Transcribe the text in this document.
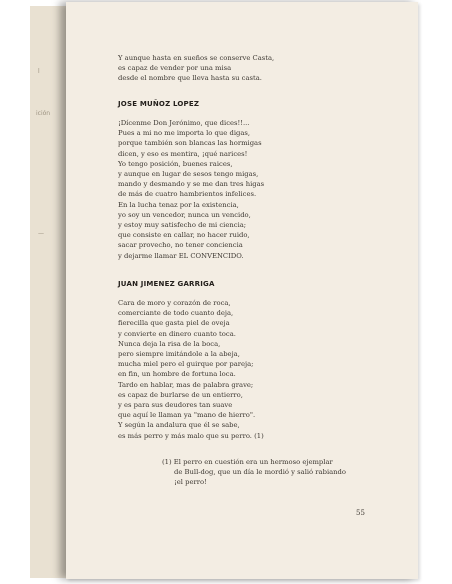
l
ición
—
Y aunque hasta en sueños se conserve Casta,
es capaz de vender por una misa
desde el nombre que lleva hasta su casta.
JOSE MUÑOZ LOPEZ
¡Dícenme Don Jerónimo, que dices!!...
Pues a mi no me importa lo que digas,
porque también son blancas las hormigas
dicen, y eso es mentira, ¡qué narices!
Yo tengo posición, buenes raices,
y aunque en lugar de sesos tengo migas,
mando y desmando y se me dan tres higas
de más de cuatro hambrientos infelices.
En la lucha tenaz por la existencia,
yo soy un vencedor, nunca un vencido,
y estoy muy satisfecho de mi ciencia;
que consiste en callar, no hacer ruido,
sacar provecho, no tener conciencia
y dejarme llamar EL CONVENCIDO.
JUAN JIMENEZ GARRIGA
Cara de moro y corazón de roca,
comerciante de todo cuanto deja,
fierecilla que gasta piel de oveja
y convierte en dinero cuanto toca.
Nunca deja la risa de la boca,
pero siempre imitándole a la abeja,
mucha miel pero el guirque por pareja;
en fin, un hombre de fortuna loca.
Tardo en hablar, mas de palabra grave;
es capaz de burlarse de un entierro,
y es para sus deudores tan suave
que aquí le llaman ya "mano de hierro".
Y según la andalura que él se sabe,
es más perro y más malo que su perro. (1)
(1) El perro en cuestión era un hermoso ejemplar
de Bull-dog, que un día le mordió y salió rabiando
¡el perro!
55
